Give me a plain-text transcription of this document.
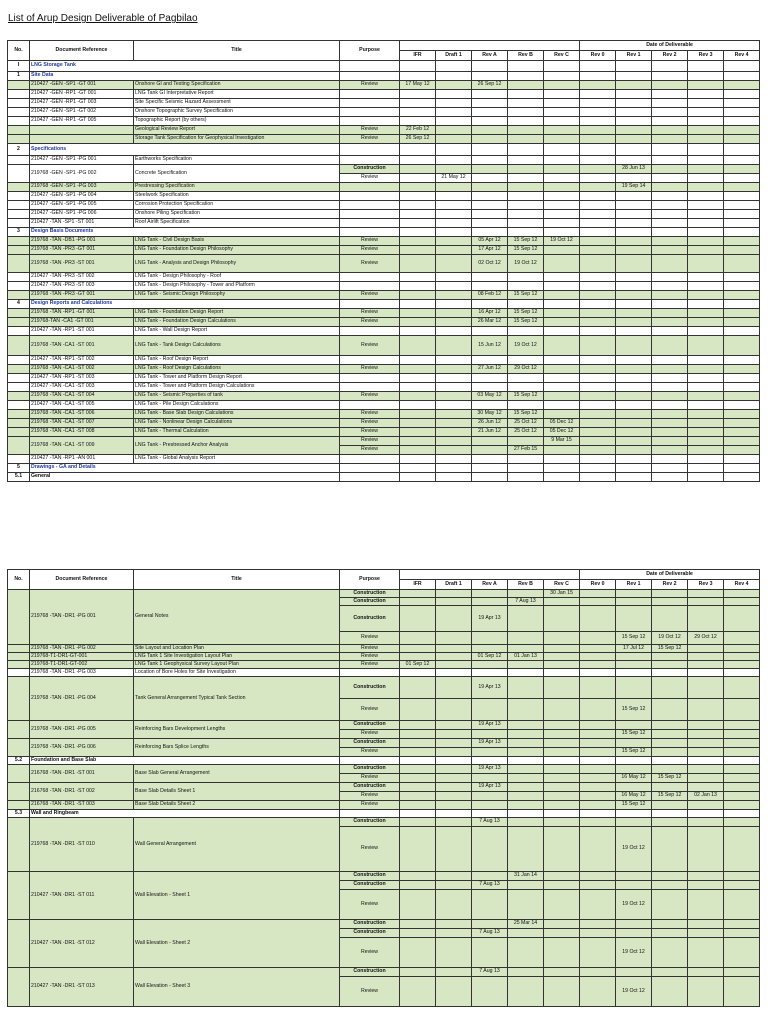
List of Arup Design Deliverable of Pagbilao
No.	Document Reference	Title	Purpose						Date of Deliverable				
				IFR	Draft 1	Rev A	Rev B	Rev C	Rev 0	Rev 1	Rev 2	Rev 3	Rev 4
I	LNG Storage Tank												
1	Site Data												
	210427 -GEN -SP1 -GT 001	Onshore GI and Testing Specification	Review	17 May 12		26 Sep 12							
	210427 -GEN -RP1 -GT 001	LNG Tank GI Interpretative Report											
	210427 -GEN -RP1 -GT 003	Site Specific Seismic Hazard Assessment											
	210427 -GEN -SP1 -GT 002	Onshore Topographic Survey Specification											
	210427 -GEN -RP1 -GT 005	Topographic Report (by others)											
		Geological Review Report	Review	22 Feb 12									
		Storage Tank Specification for Geophysical Investigation	Review	26 Sep 12									
2	Specifications												
	210427 -GEN -SP1 -PG 001	Earthworks Specification											
	219768 -GEN -SP1 -PG 002	Concrete Specification	Construction							28 Jun 13			
			Review		21 May 12								
	219768 -GEN -SP1 -PG 003	Prestressing Specification								19 Sep 14			
	210427 -GEN -SP1 -PG 004	Steelwork Specification											
	210427 -GEN -SP1 -PG 005	Corrosion Protection Specification											
	210427 -GEN -SP1 -PG 006	Onshore Piling Specification											
	210427 -TAN -SP1 -ST 001	Roof Airlift Specification											
3	Design Basis Documents												
	219768 -TAN -DB1 -PG 001	LNG Tank - Civil Design Basis	Review			05 Apr 12	15 Sep 12	19 Oct 12					
	219768 -TAN -PR3 -GT 001	LNG Tank - Foundation Design Philosophy	Review			17 Apr 12	15 Sep 12						
	219768 -TAN -PR3 -ST 001	LNG Tank - Analysis and Design Philosophy	Review			02 Oct 12	19 Oct 12						
	210427 -TAN -PR3 -ST 002	LNG Tank - Design Philosophy - Roof											
	210427 -TAN -PR3 -ST 003	LNG Tank - Design Philosophy - Tower and Platform											
	219768 -TAN -PR3 -GT 001	LNG Tank - Seismic Design Philosophy	Review			08 Feb 12	15 Sep 12						
4	Design Reports and Calculations												
	219768 -TAN -RP1 -GT 001	LNG Tank - Foundation Design Report	Review			16 Apr 12	15 Sep 12						
	219768-TAN -CA1 -GT 001	LNG Tank - Foundation Design Calculations	Review			26 Mar 12	15 Sep 12						
	210427 -TAN -RP1 -ST 001	LNG Tank - Wall Design Report											
	219768 -TAN -CA1 -ST 001	LNG Tank - Tank Design Calculations	Review			15 Jun 12	19 Oct 12						
	210427 -TAN -RP1 -ST 002	LNG Tank - Roof Design Report											
	219768 -TAN -CA1 -ST 002	LNG Tank - Roof Design Calculations	Review			27 Jun 12	29 Oct 12						
	210427 -TAN -RP1 -ST 003	LNG Tank - Tower and Platform Design Report											
	210427 -TAN -CA1 -ST 003	LNG Tank - Tower and Platform Design Calculations											
	219768 -TAN -CA1 -ST 004	LNG Tank - Seismic Properties of tank	Review			03 May 12	15 Sep 12						
	210427 -TAN -CA1 -ST 005	LNG Tank - Pile Design Calculations											
	219768 -TAN -CA1 -ST 006	LNG Tank - Base Slab Design Calculations	Review			30 May 12	15 Sep 12						
	219768 -TAN -CA1 -ST 007	LNG Tank - Nonlinear Design Calculations	Review			26 Jun 12	25 Oct 12	05 Dec 12					
	219768 -TAN -CA1 -ST 008	LNG Tank - Thermal Calculation	Review			21 Jun 12	25 Oct 12	05 Dec 12					
	219768 -TAN -CA1 -ST 009	LNG Tank - Prestressed Anchor Analysis	Review					9 Mar 15					
			Review				27 Feb 15						
	210427 -TAN -RP1 -AN 001	LNG Tank - Global Analysis Report											
5	Drawings - GA and Details												
5.1	General												
No.	Document Reference	Title	Purpose						Date of Deliverable				
				IFR	Draft 1	Rev A	Rev B	Rev C	Rev 0	Rev 1	Rev 2	Rev 3	Rev 4
	219768 -TAN -DR1 -PG 001	General Notes	Construction					30 Jan 15					
			Construction				7 Aug 13						
			Construction			19 Apr 13							
			Review							15 Sep 12	19 Oct 12	29 Oct 12	
	219768 -TAN -DR1 -PG 002	Site Layout and Location Plan	Review							17 Jul 12	15 Sep 12		
	219768-T1-DR1-GT-001	LNG Tank 1 Site Investigation Layout Plan	Review			01 Sep 12	01 Jan 13						
	219768-T1-DR1-GT-002	LNG Tank 1 Geophysical Survey Layout Plan	Review	01 Sep 12									
	219768 -TAN -DR1 -PG 003	Location of Bore Holes for Site Investigation											
	219768 -TAN -DR1 -PG 004	Tank General Arrangement Typical Tank Section	Construction			19 Apr 13							
			Review							15 Sep 12			
	219768 -TAN -DR1 -PG 005	Reinforcing Bars Development Lengths	Construction			19 Apr 13							
			Review							15 Sep 12			
	219768 -TAN -DR1 -PG 006	Reinforcing Bars Splice Lengths	Construction			19 Apr 13							
			Review							15 Sep 12			
5.2	Foundation and Base Slab												
	216768 -TAN -DR1 -ST 001	Base Slab General Arrangement	Construction			19 Apr 13							
			Review							16 May 12	15 Sep 12		
	216768 -TAN -DR1 -ST 002	Base Slab Details Sheet 1	Construction			19 Apr 13							
			Review							16 May 12	15 Sep 12	02 Jan 13	
	216768 -TAN -DR1 -ST 003	Base Slab Details Sheet 2	Review							15 Sep 12			
5.3	Wall and Ringbeam												
	219768 -TAN -DR1 -ST 010	Wall General Arrangement	Construction			7 Aug 13							
			Review							19 Oct 12			
	210427 -TAN -DR1 -ST 011	Wall Elevation - Sheet 1	Construction				31 Jan 14						
			Construction			7 Aug 13							
			Review							19 Oct 12			
	210427 -TAN -DR1 -ST 012	Wall Elevation - Sheet 2	Construction				25 Mar 14						
			Construction			7 Aug 13							
			Review							19 Oct 12			
	210427 -TAN -DR1 -ST 013	Wall Elevation - Sheet 3	Construction			7 Aug 13							
			Review							19 Oct 12			
